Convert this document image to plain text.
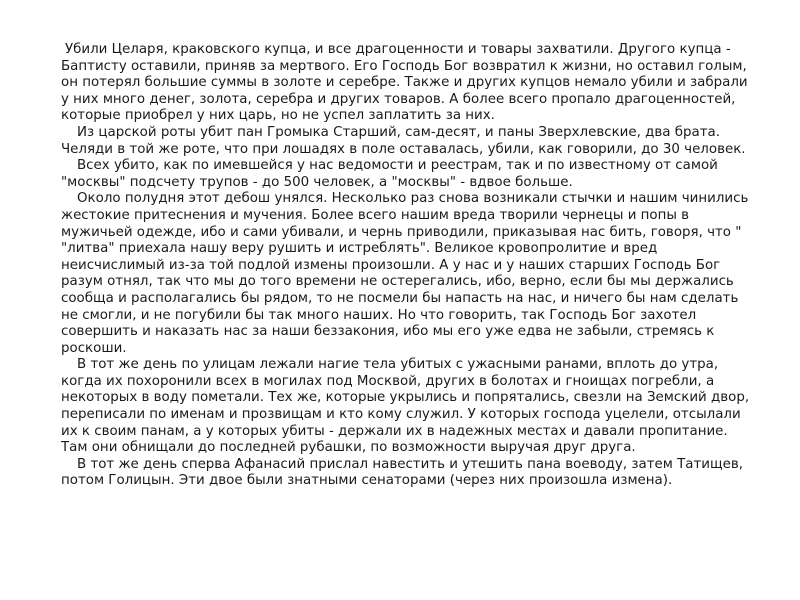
Убили Целаря, краковского купца, и все драгоценности и товары захватили. Другого купца - Баптисту оставили, приняв за мертвого. Его Господь Бог возвратил к жизни, но оставил голым, он потерял большие суммы в золоте и серебре. Также и других купцов немало убили и забрали у них много денег, золота, серебра и других товаров. А более всего пропало драгоценностей, которые приобрел у них царь, но не успел заплатить за них.

Из царской роты убит пан Громыка Старший, сам-десят, и паны Зверхлевские, два брата. Челяди в той же роте, что при лошадях в поле оставалась, убили, как говорили, до 30 человек.

Всех убито, как по имевшейся у нас ведомости и реестрам, так и по известному от самой "москвы" подсчету трупов - до 500 человек, а "москвы" - вдвое больше.

Около полудня этот дебош унялся. Несколько раз снова возникали стычки и нашим чинились жестокие притеснения и мучения. Более всего нашим вреда творили чернецы и попы в мужичьей одежде, ибо и сами убивали, и чернь приводили, приказывая нас бить, говоря, что " "литва" приехала нашу веру рушить и истреблять". Великое кровопролитие и вред неисчислимый из-за той подлой измены произошли. А у нас и у наших старших Господь Бог разум отнял, так что мы до того времени не остерегались, ибо, верно, если бы мы держались сообща и располагались бы рядом, то не посмели бы напасть на нас, и ничего бы нам сделать не смогли, и не погубили бы так много наших. Но что говорить, так Господь Бог захотел совершить и наказать нас за наши беззакония, ибо мы его уже едва не забыли, стремясь к роскоши.

В тот же день по улицам лежали нагие тела убитых с ужасными ранами, вплоть до утра, когда их похоронили всех в могилах под Москвой, других в болотах и гноищах погребли, а некоторых в воду пометали. Тех же, которые укрылись и попрятались, свезли на Земский двор, переписали по именам и прозвищам и кто кому служил. У которых господа уцелели, отсылали их к своим панам, а у которых убиты - держали их в надежных местах и давали пропитание. Там они обнищали до последней рубашки, по возможности выручая друг друга.

В тот же день сперва Афанасий прислал навестить и утешить пана воеводу, затем Татищев, потом Голицын. Эти двое были знатными сенаторами (через них произошла измена).
